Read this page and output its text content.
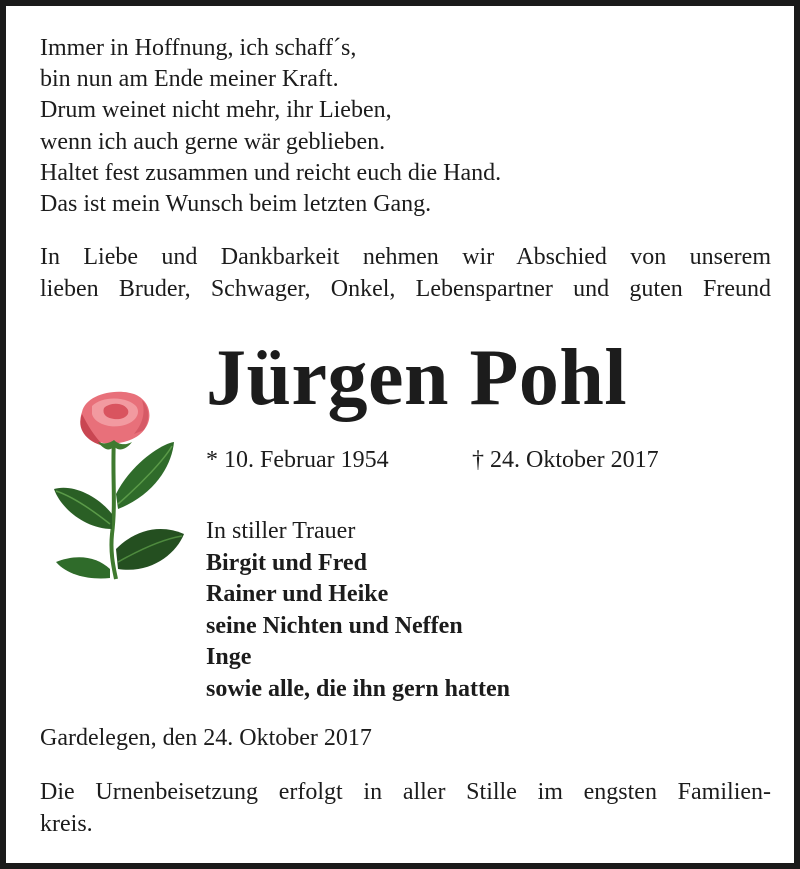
Immer in Hoffnung, ich schaff´s,
bin nun am Ende meiner Kraft.
Drum weinet nicht mehr, ihr Lieben,
wenn ich auch gerne wär geblieben.
Haltet fest zusammen und reicht euch die Hand.
Das ist mein Wunsch beim letzten Gang.
In Liebe und Dankbarkeit nehmen wir Abschied von unserem
lieben Bruder, Schwager, Onkel, Lebenspartner und guten Freund
Jürgen Pohl
* 10. Februar 1954	† 24. Oktober 2017
In stiller Trauer
Birgit und Fred
Rainer und Heike
seine Nichten und Neffen
Inge
sowie alle, die ihn gern hatten
Gardelegen, den 24. Oktober 2017
Die Urnenbeisetzung erfolgt in aller Stille im engsten Familien-
kreis.
